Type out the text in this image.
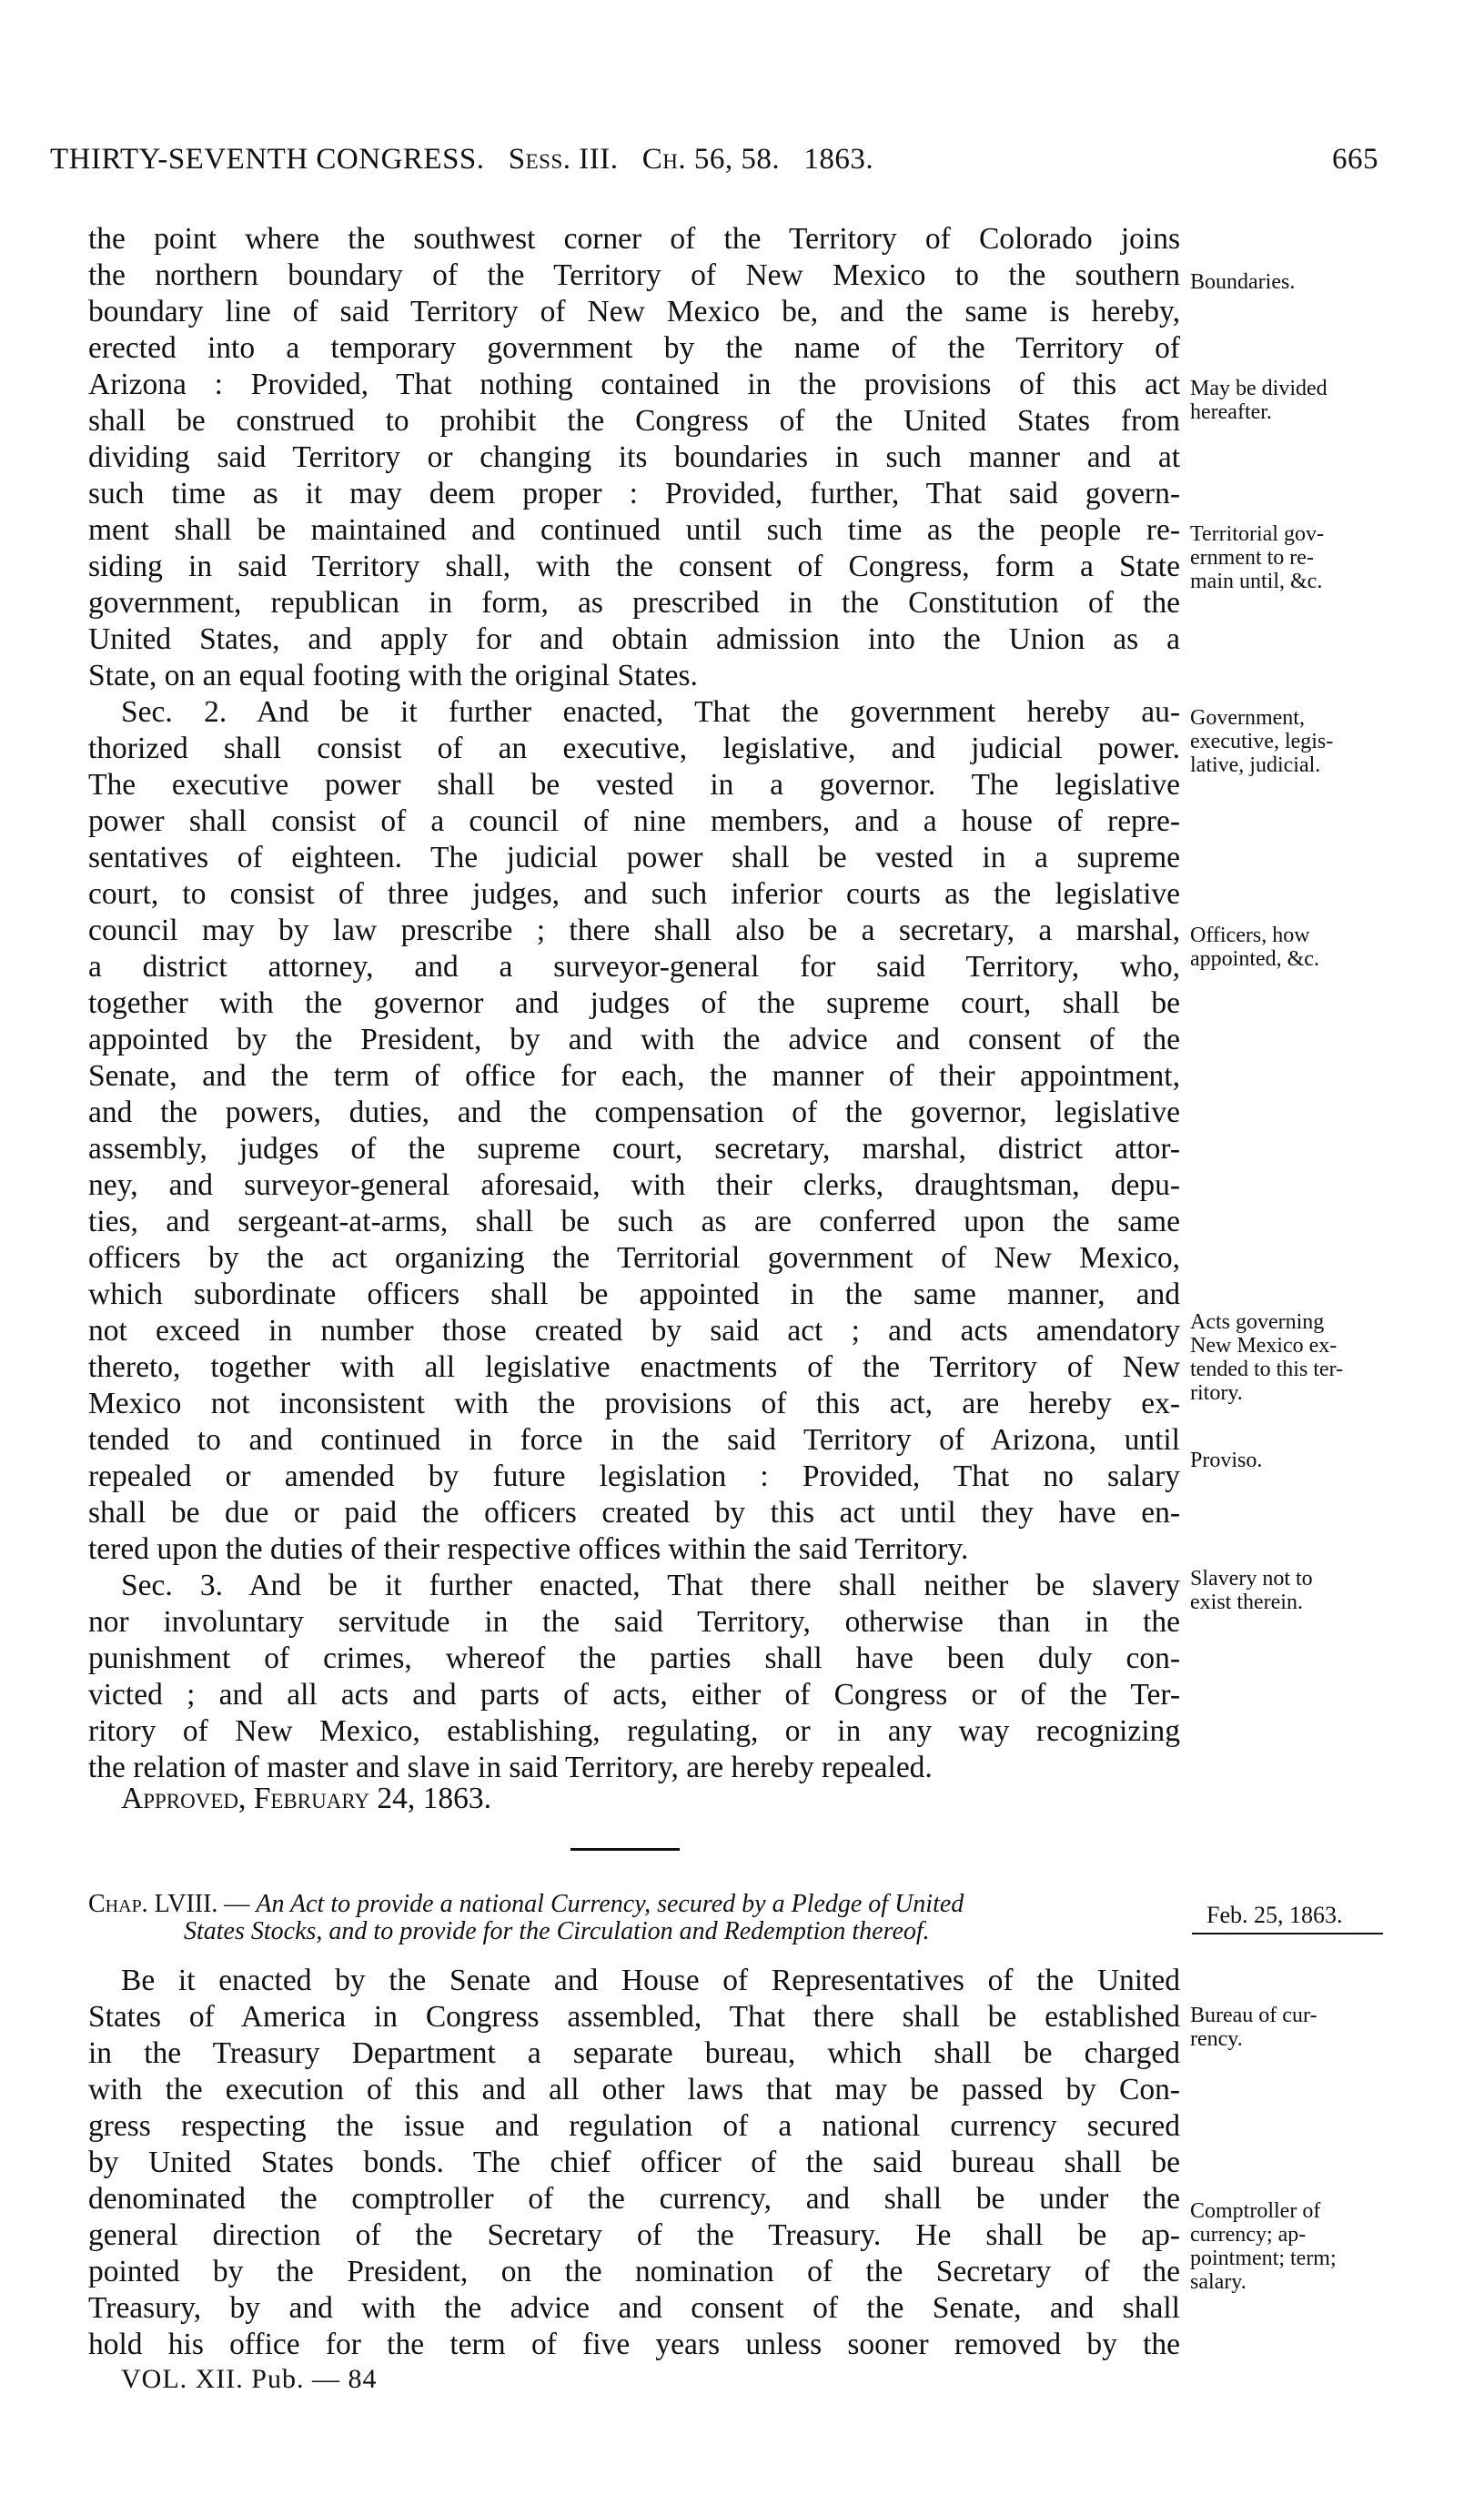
THIRTY-SEVENTH CONGRESS. Sess. III. Ch. 56, 58. 1863.	665
the point where the southwest corner of the Territory of Colorado joins
the northern boundary of the Territory of New Mexico to the southern
boundary line of said Territory of New Mexico be, and the same is hereby,
erected into a temporary government by the name of the Territory of
Arizona : Provided, That nothing contained in the provisions of this act
shall be construed to prohibit the Congress of the United States from
dividing said Territory or changing its boundaries in such manner and at
such time as it may deem proper : Provided, further, That said govern-
ment shall be maintained and continued until such time as the people re-
siding in said Territory shall, with the consent of Congress, form a State
government, republican in form, as prescribed in the Constitution of the
United States, and apply for and obtain admission into the Union as a
State, on an equal footing with the original States.
Sec. 2. And be it further enacted, That the government hereby au-
thorized shall consist of an executive, legislative, and judicial power.
The executive power shall be vested in a governor. The legislative
power shall consist of a council of nine members, and a house of repre-
sentatives of eighteen. The judicial power shall be vested in a supreme
court, to consist of three judges, and such inferior courts as the legislative
council may by law prescribe ; there shall also be a secretary, a marshal,
a district attorney, and a surveyor-general for said Territory, who,
together with the governor and judges of the supreme court, shall be
appointed by the President, by and with the advice and consent of the
Senate, and the term of office for each, the manner of their appointment,
and the powers, duties, and the compensation of the governor, legislative
assembly, judges of the supreme court, secretary, marshal, district attor-
ney, and surveyor-general aforesaid, with their clerks, draughtsman, depu-
ties, and sergeant-at-arms, shall be such as are conferred upon the same
officers by the act organizing the Territorial government of New Mexico,
which subordinate officers shall be appointed in the same manner, and
not exceed in number those created by said act ; and acts amendatory
thereto, together with all legislative enactments of the Territory of New
Mexico not inconsistent with the provisions of this act, are hereby ex-
tended to and continued in force in the said Territory of Arizona, until
repealed or amended by future legislation : Provided, That no salary
shall be due or paid the officers created by this act until they have en-
tered upon the duties of their respective offices within the said Territory.
Sec. 3. And be it further enacted, That there shall neither be slavery
nor involuntary servitude in the said Territory, otherwise than in the
punishment of crimes, whereof the parties shall have been duly con-
victed ; and all acts and parts of acts, either of Congress or of the Ter-
ritory of New Mexico, establishing, regulating, or in any way recognizing
the relation of master and slave in said Territory, are hereby repealed.
Be it enacted by the Senate and House of Representatives of the United
States of America in Congress assembled, That there shall be established
in the Treasury Department a separate bureau, which shall be charged
with the execution of this and all other laws that may be passed by Con-
gress respecting the issue and regulation of a national currency secured
by United States bonds. The chief officer of the said bureau shall be
denominated the comptroller of the currency, and shall be under the
general direction of the Secretary of the Treasury. He shall be ap-
pointed by the President, on the nomination of the Secretary of the
Treasury, by and with the advice and consent of the Senate, and shall
hold his office for the term of five years unless sooner removed by the
Boundaries.
May be divided
hereafter.
Territorial gov-
ernment to re-
main until, &c.
Government,
executive, legis-
lative, judicial.
Officers, how
appointed, &c.
Acts governing
New Mexico ex-
tended to this ter-
ritory.
Proviso.
Slavery not to
exist therein.
Bureau of cur-
rency.
Comptroller of
currency; ap-
pointment; term;
salary.
Approved, February 24, 1863.
Chap. LVIII. — An Act to provide a national Currency, secured by a Pledge of United
States Stocks, and to provide for the Circulation and Redemption thereof.
Feb. 25, 1863.
VOL. XII. Pub. — 84
